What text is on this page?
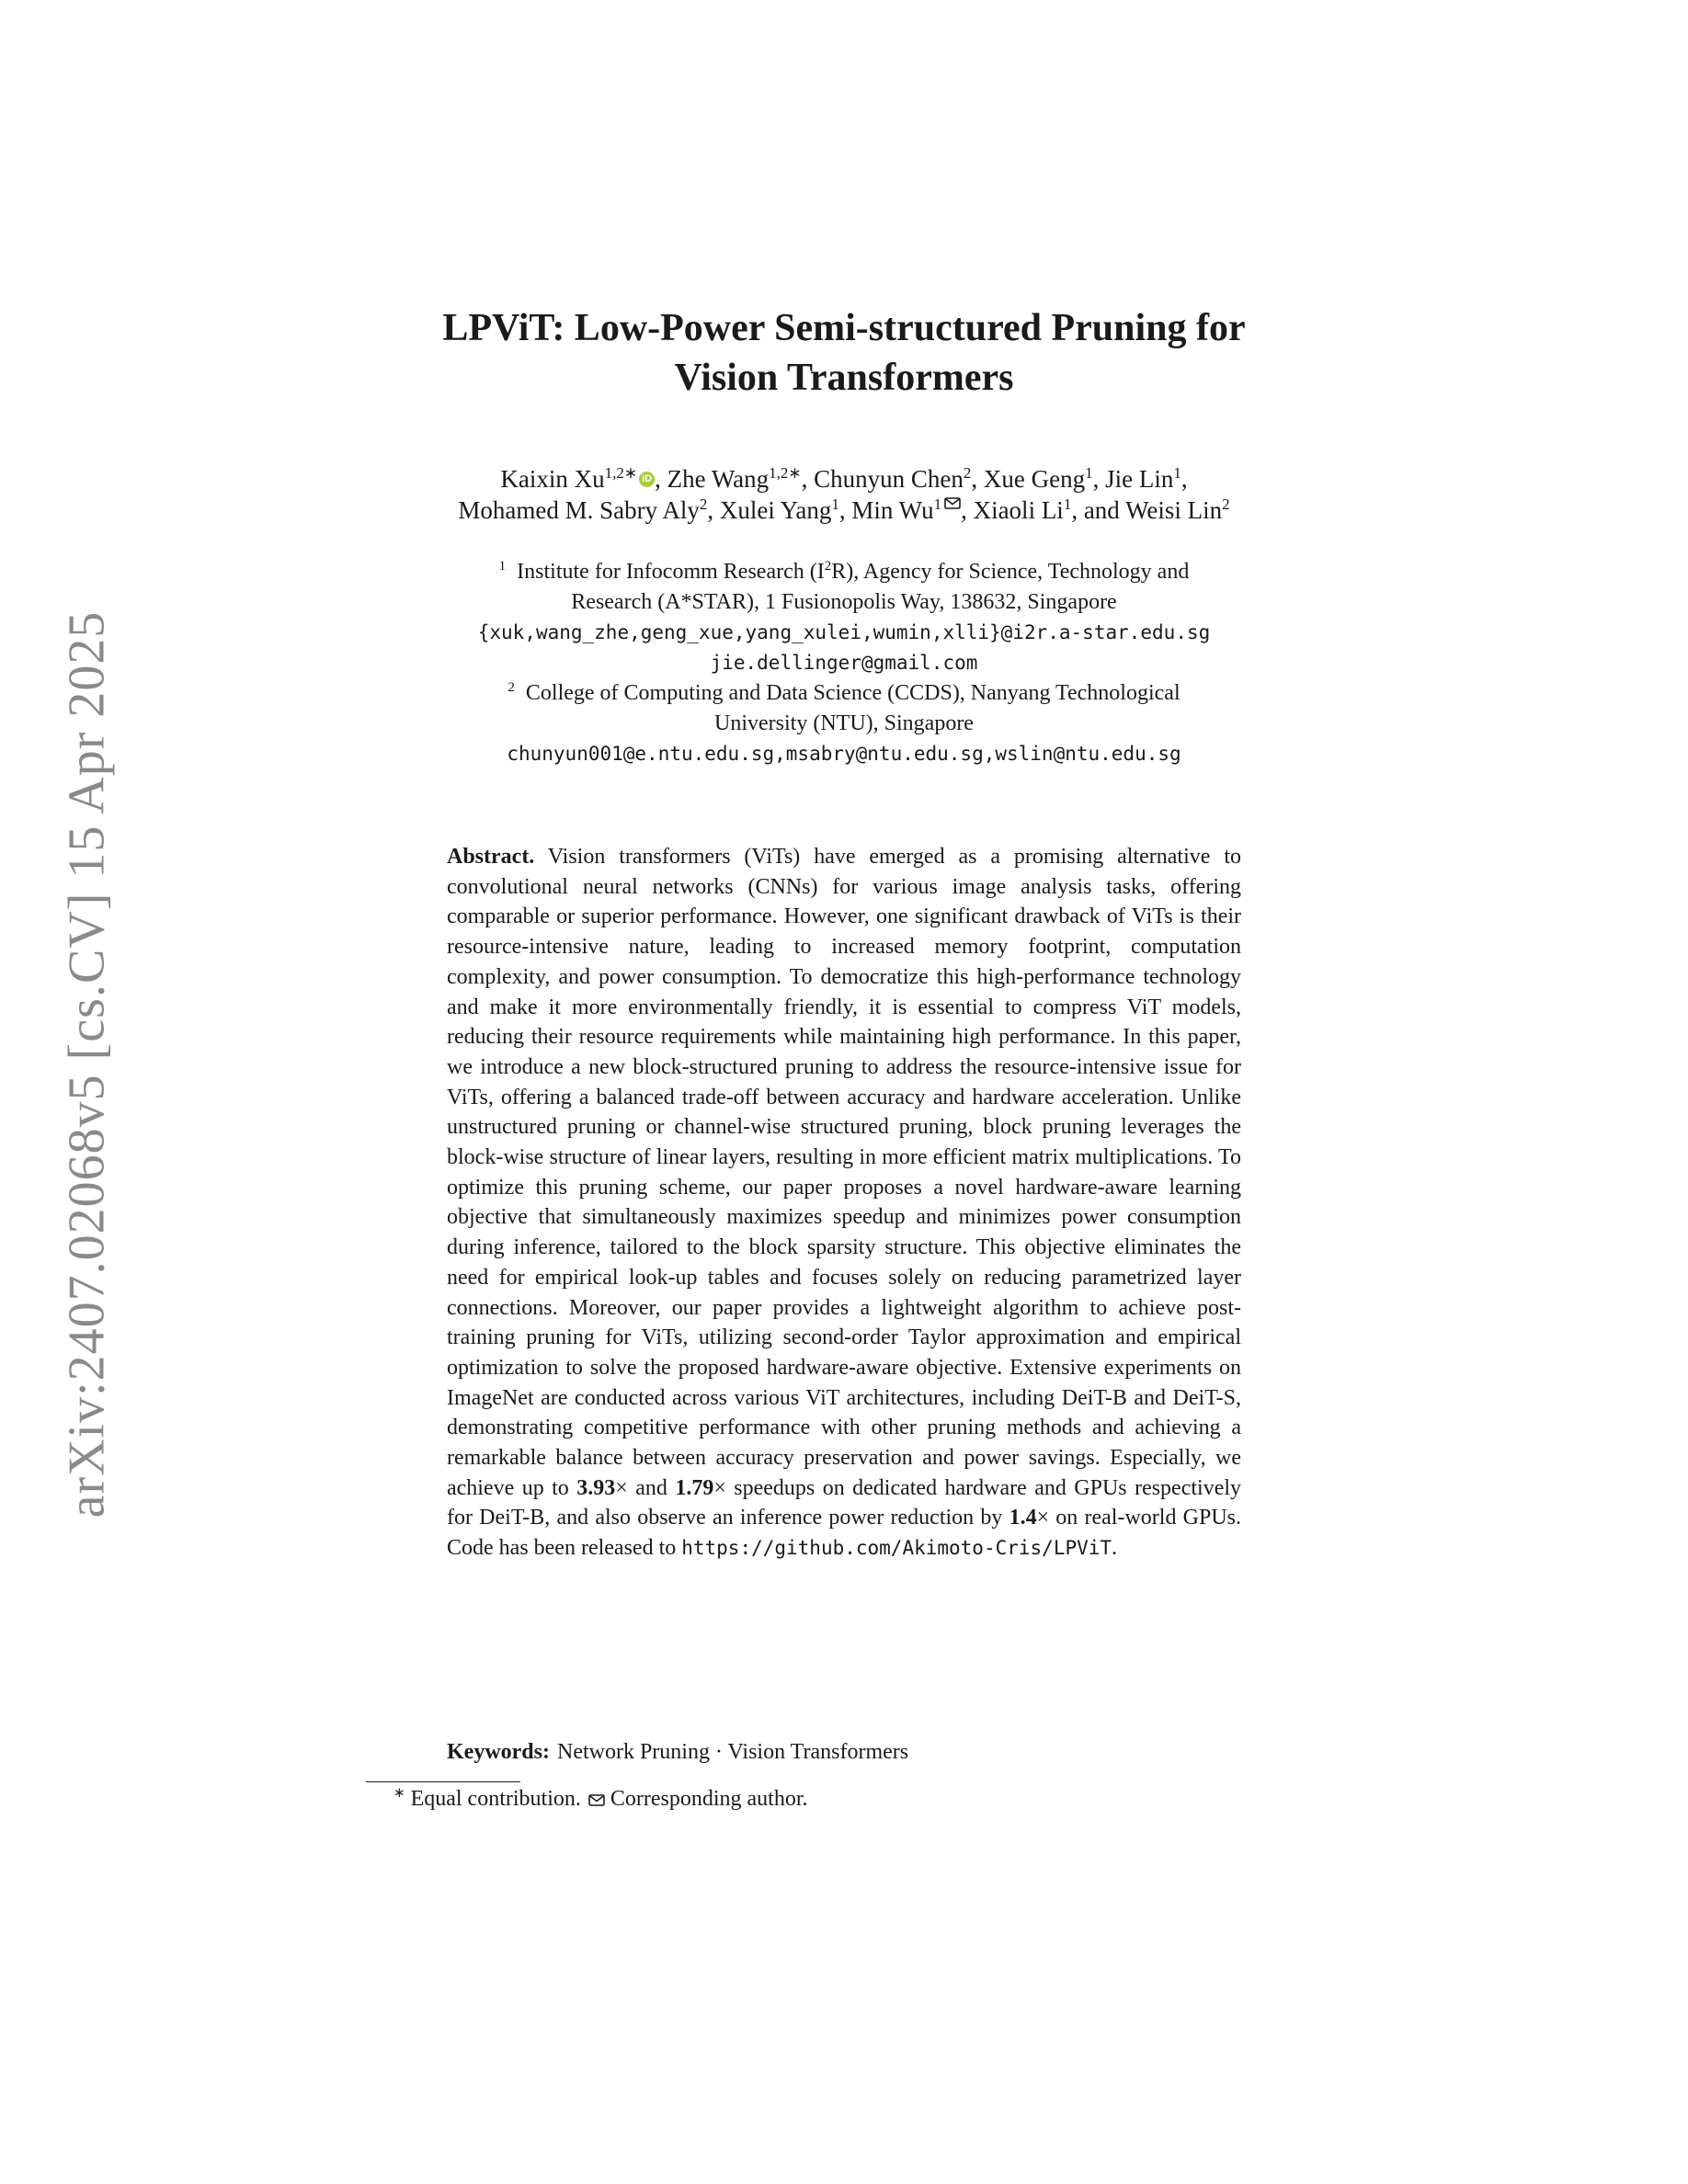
arXiv:2407.02068v5 [cs.CV] 15 Apr 2025
LPViT: Low-Power Semi-structured Pruning for
Vision Transformers
Kaixin $Xu^{1,2∗}$ iD , Zhe Wang$^{1,2∗}$, Chunyun Chen$^2$, Xue Geng$^1$, Jie Lin$^1$,
Mohamed M. Sabry Aly$^2$, Xulei Yang$^1$, Min Wu$^1$ , Xiaoli Li$^1$, and Weisi Lin$^2$
$^1$ Institute for Infocomm Research $(I^2R)$, Agency for Science, Technology and
Research (A*STAR), 1 Fusionopolis Way, 138632, Singapore
{xuk,wang_zhe,geng_xue,yang_xulei,wumin,xlli}@i2r.a-star.edu.sg
jie.dellinger@gmail.com
$^2$ College of Computing and Data Science (CCDS), Nanyang Technological
University (NTU), Singapore
chunyun001@e.ntu.edu.sg,msabry@ntu.edu.sg,wslin@ntu.edu.sg

Abstract. Vision transformers (ViTs) have emerged as a promising alternative to convolutional neural networks (CNNs) for various image analysis tasks, offering comparable or superior performance. However, one significant drawback of ViTs is their resource-intensive nature, leading to increased memory footprint, computation complexity, and power consumption. To democratize this high-performance technology and make it more environmentally friendly, it is essential to compress ViT models, reducing their resource requirements while maintaining high performance. In this paper, we introduce a new block-structured pruning to address the resource-intensive issue for ViTs, offering a balanced trade-off between accuracy and hardware acceleration. Unlike unstructured pruning or channel-wise structured pruning, block pruning leverages the block-wise structure of linear layers, resulting in more efficient matrix multiplications. To optimize this pruning scheme, our paper proposes a novel hardware-aware learning objective that simultaneously maximizes speedup and minimizes power consumption during inference, tailored to the block sparsity structure. This objective eliminates the need for empirical look-up tables and focuses solely on reducing parametrized layer connections. Moreover, our paper provides a lightweight algorithm to achieve post-training pruning for ViTs, utilizing second-order Taylor approximation and empirical optimization to solve the proposed hardware-aware objective. Extensive experiments on ImageNet are conducted across various ViT architectures, including DeiT-B and DeiT-S, demonstrating competitive performance with other pruning methods and achieving a remarkable balance between accuracy preservation and power savings. Especially, we achieve up to 3.93× and 1.79× speedups on dedicated hardware and GPUs respectively for DeiT-B, and also observe an inference power reduction by 1.4× on real-world GPUs. Code has been released to https://github.com/Akimoto-Cris/LPViT.

Keywords: Network Pruning · Vision Transformers
∗ Equal contribution. Corresponding author.
